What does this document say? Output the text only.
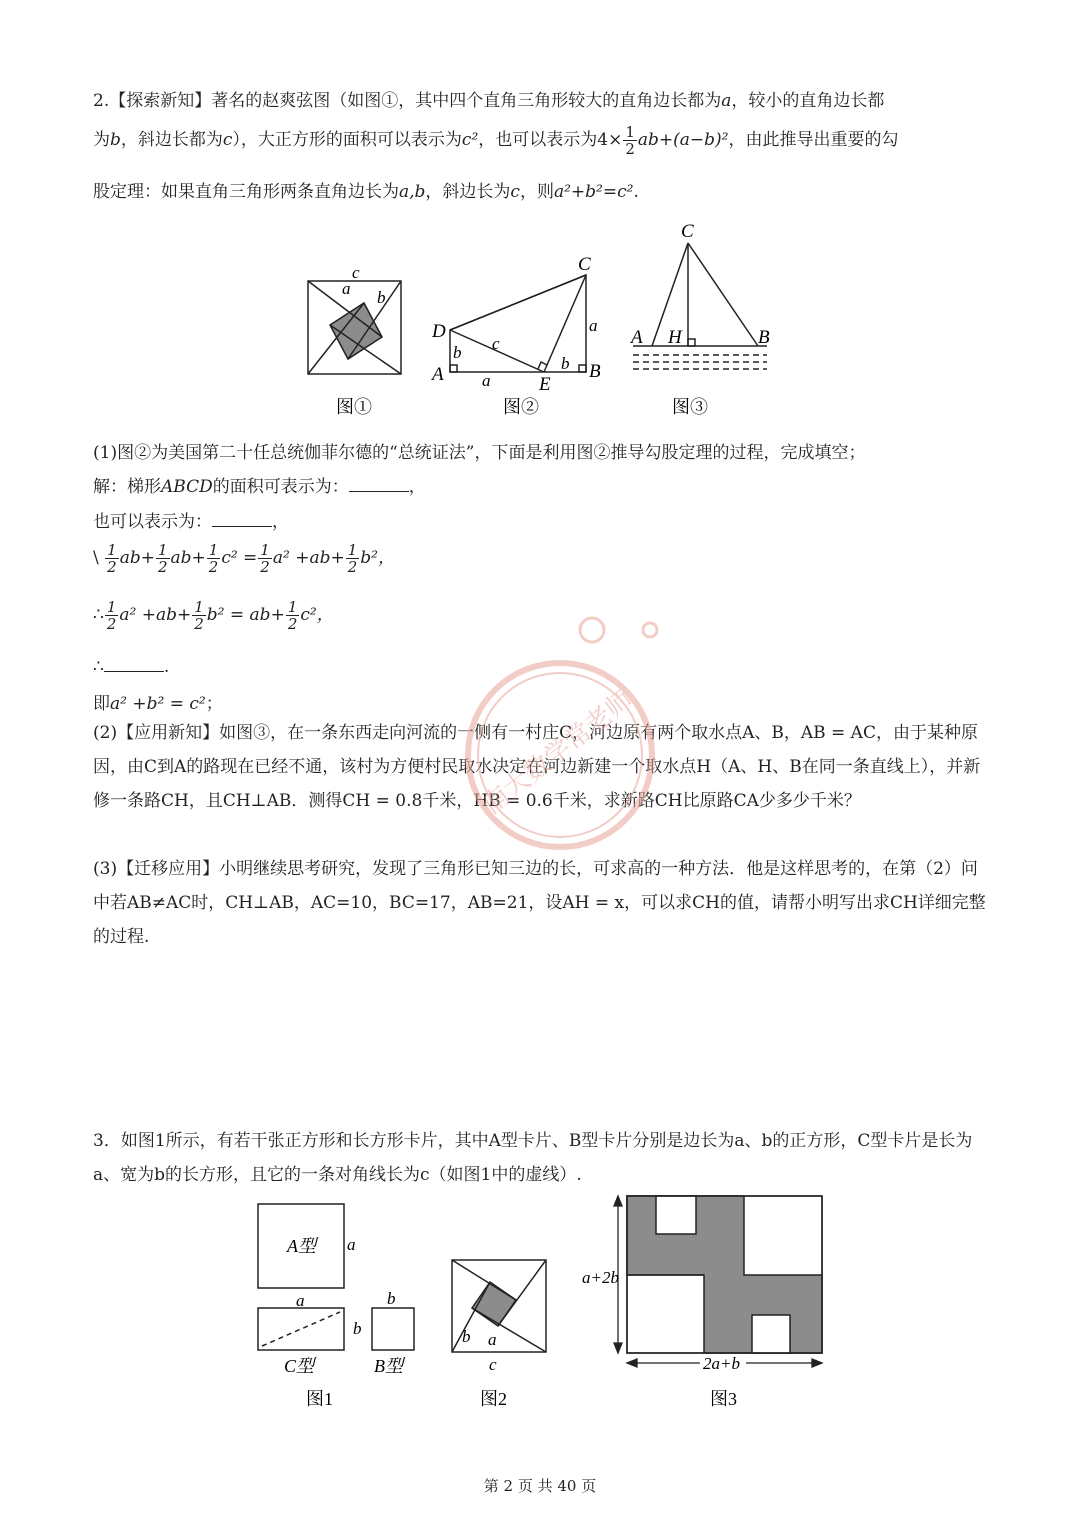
2.【探索新知】著名的赵爽弦图（如图①，其中四个直角三角形较大的直角边长都为a，较小的直角边长都
为b，斜边长都为c），大正方形的面积可以表示为c²，也可以表示为$4\times \frac{1}{2} ab+(a-b)^2$，由此推导出重要的勾
股定理：如果直角三角形两条直角边长为a,b，斜边长为c，则a²+b²=c².
c
a b
C
D
A	B
E
a
b
c
a
b
C
A H	B
图①	图②	图③
(1)图②为美国第二十任总统伽菲尔德的“总统证法”，下面是利用图②推导勾股定理的过程，完成填空；
解：梯形ABCD的面积可表示为：	，
也可以表示为：	，
\ $\frac{1}{2} ab+ \frac{1}{2} ab+ \frac{1}{2} c^2 = \frac{1}{2} a^2 +ab+ \frac{1}{2} b^2$，
∴ $\frac{1}{2} a^2 +ab+ \frac{1}{2} b^2 = ab+ \frac{1}{2} c^2$，
∴	.
即a² +b² = c²；

(2)【应用新知】如图③，在一条东西走向河流的一侧有一村庄C，河边原有两个取水点A、B，AB = AC，由于某种原因，由C到A的路现在已经不通，该村为方便村民取水决定在河边新建一个取水点H（A、H、B在同一条直线上），并新修一条路CH，且CH⊥AB．测得CH = 0.8千米，HB = 0.6千米，求新路CH比原路CA少多少千米？

(3)【迁移应用】小明继续思考研究，发现了三角形已知三边的长，可求高的一种方法．他是这样思考的，在第（2）问中若AB≠AC时，CH⊥AB，AC=10，BC=17，AB=21，设AH = x，可以求CH的值，请帮小明写出求CH详细完整的过程.

南大数学常老师

3．如图1所示，有若干张正方形和长方形卡片，其中A型卡片、B型卡片分别是边长为a、b的正方形，C型卡片是长为a、宽为b的长方形，且它的一条对角线长为c（如图1中的虚线）.

A型 a
a
b
b
C型	B型
b a
c
a+2b
2a+b
图1	图2	图3
第 2 页 共 40 页
